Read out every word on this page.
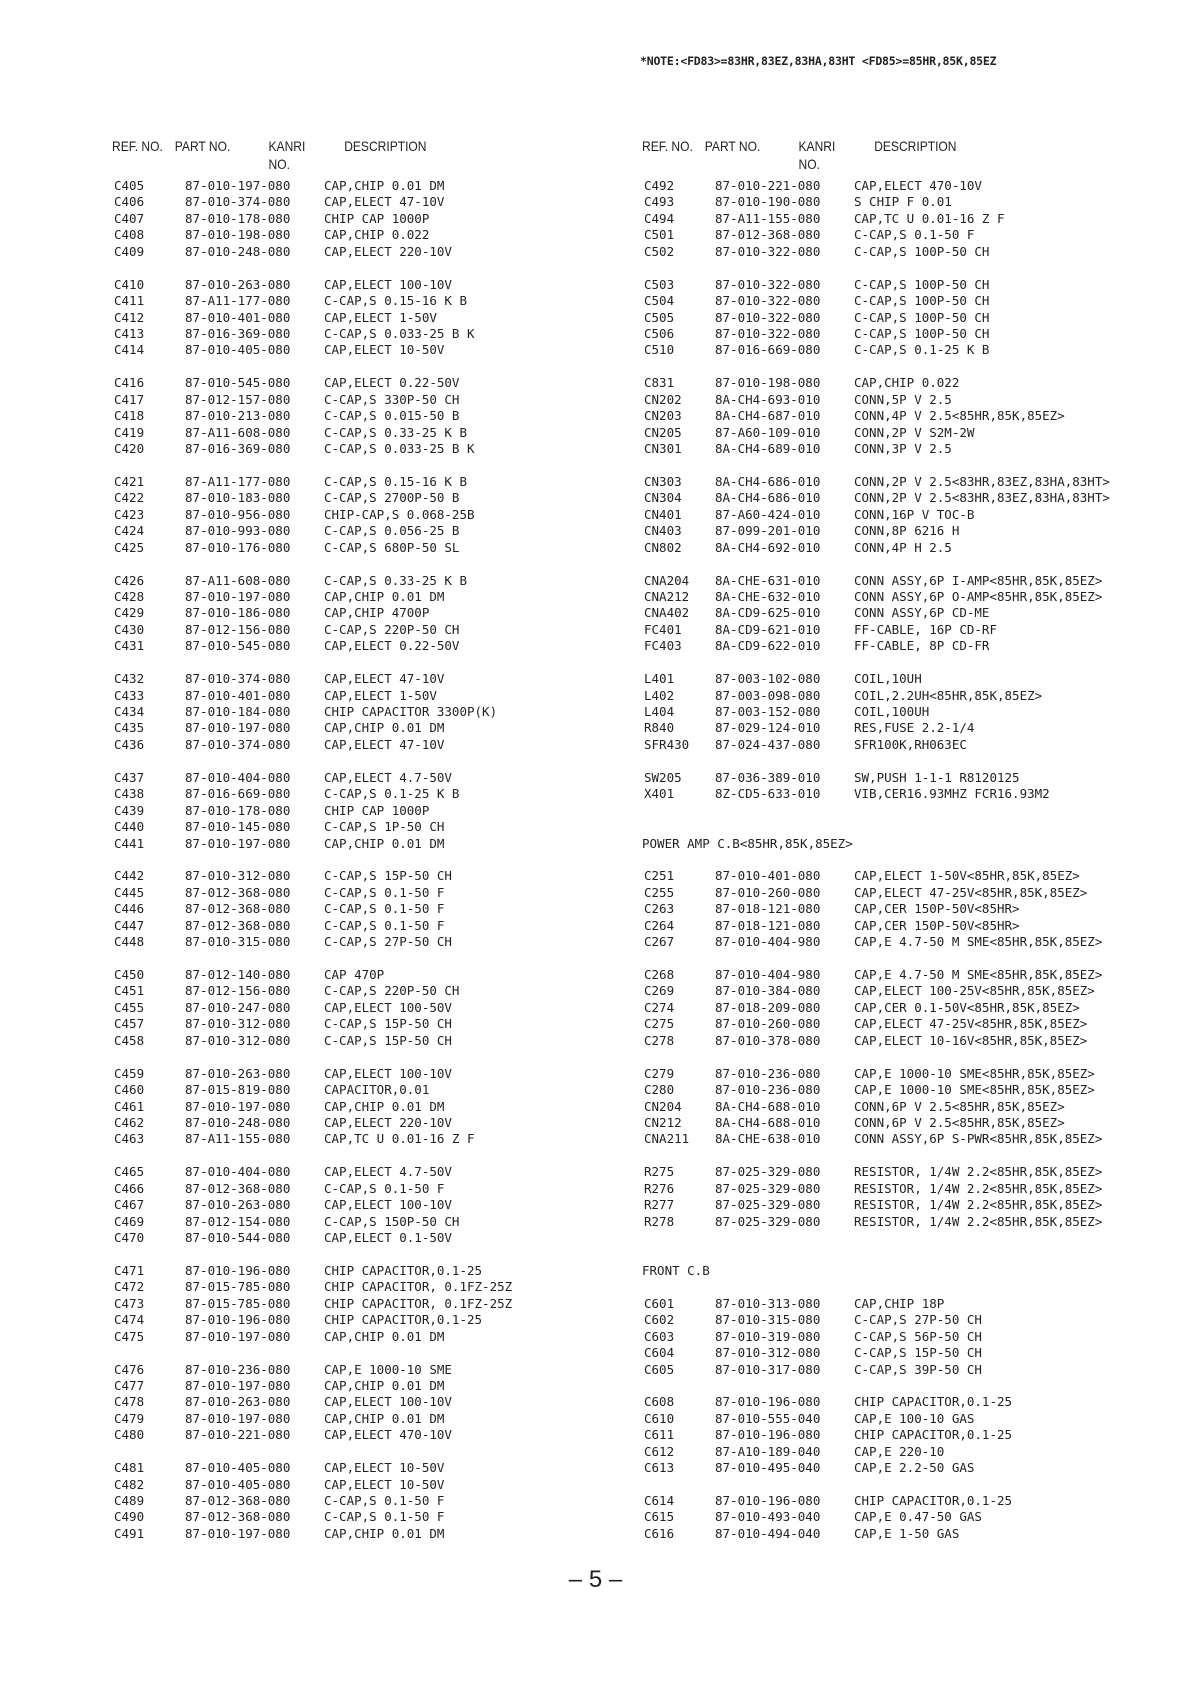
*NOTE:<FD83>=83HR,83EZ,83HA,83HT <FD85>=85HR,85K,85EZ
REF. NO. PART NO.	KANRI
NO.
DESCRIPTION
C405	87-010-197-080	CAP,CHIP 0.01 DM
C406	87-010-374-080	CAP,ELECT 47-10V
C407	87-010-178-080	CHIP CAP 1000P
C408	87-010-198-080	CAP,CHIP 0.022
C409	87-010-248-080	CAP,ELECT 220-10V
C410	87-010-263-080	CAP,ELECT 100-10V
C411	87-A11-177-080	C-CAP,S 0.15-16 K B
C412	87-010-401-080	CAP,ELECT 1-50V
C413	87-016-369-080	C-CAP,S 0.033-25 B K
C414	87-010-405-080	CAP,ELECT 10-50V
C416	87-010-545-080	CAP,ELECT 0.22-50V
C417	87-012-157-080	C-CAP,S 330P-50 CH
C418	87-010-213-080	C-CAP,S 0.015-50 B
C419	87-A11-608-080	C-CAP,S 0.33-25 K B
C420	87-016-369-080	C-CAP,S 0.033-25 B K
C421	87-A11-177-080	C-CAP,S 0.15-16 K B
C422	87-010-183-080	C-CAP,S 2700P-50 B
C423	87-010-956-080	CHIP-CAP,S 0.068-25B
C424	87-010-993-080	C-CAP,S 0.056-25 B
C425	87-010-176-080	C-CAP,S 680P-50 SL
C426	87-A11-608-080	C-CAP,S 0.33-25 K B
C428	87-010-197-080	CAP,CHIP 0.01 DM
C429	87-010-186-080	CAP,CHIP 4700P
C430	87-012-156-080	C-CAP,S 220P-50 CH
C431	87-010-545-080	CAP,ELECT 0.22-50V
C432	87-010-374-080	CAP,ELECT 47-10V
C433	87-010-401-080	CAP,ELECT 1-50V
C434	87-010-184-080	CHIP CAPACITOR 3300P(K)
C435	87-010-197-080	CAP,CHIP 0.01 DM
C436	87-010-374-080	CAP,ELECT 47-10V
C437	87-010-404-080	CAP,ELECT 4.7-50V
C438	87-016-669-080	C-CAP,S 0.1-25 K B
C439	87-010-178-080	CHIP CAP 1000P
C440	87-010-145-080	C-CAP,S 1P-50 CH
C441	87-010-197-080	CAP,CHIP 0.01 DM
C442	87-010-312-080	C-CAP,S 15P-50 CH
C445	87-012-368-080	C-CAP,S 0.1-50 F
C446	87-012-368-080	C-CAP,S 0.1-50 F
C447	87-012-368-080	C-CAP,S 0.1-50 F
C448	87-010-315-080	C-CAP,S 27P-50 CH
C450	87-012-140-080	CAP 470P
C451	87-012-156-080	C-CAP,S 220P-50 CH
C455	87-010-247-080	CAP,ELECT 100-50V
C457	87-010-312-080	C-CAP,S 15P-50 CH
C458	87-010-312-080	C-CAP,S 15P-50 CH
C459	87-010-263-080	CAP,ELECT 100-10V
C460	87-015-819-080	CAPACITOR,0.01
C461	87-010-197-080	CAP,CHIP 0.01 DM
C462	87-010-248-080	CAP,ELECT 220-10V
C463	87-A11-155-080	CAP,TC U 0.01-16 Z F
C465	87-010-404-080	CAP,ELECT 4.7-50V
C466	87-012-368-080	C-CAP,S 0.1-50 F
C467	87-010-263-080	CAP,ELECT 100-10V
C469	87-012-154-080	C-CAP,S 150P-50 CH
C470	87-010-544-080	CAP,ELECT 0.1-50V
C471	87-010-196-080	CHIP CAPACITOR,0.1-25
C472	87-015-785-080	CHIP CAPACITOR, 0.1FZ-25Z
C473	87-015-785-080	CHIP CAPACITOR, 0.1FZ-25Z
C474	87-010-196-080	CHIP CAPACITOR,0.1-25
C475	87-010-197-080	CAP,CHIP 0.01 DM
C476	87-010-236-080	CAP,E 1000-10 SME
C477	87-010-197-080	CAP,CHIP 0.01 DM
C478	87-010-263-080	CAP,ELECT 100-10V
C479	87-010-197-080	CAP,CHIP 0.01 DM
C480	87-010-221-080	CAP,ELECT 470-10V
C481	87-010-405-080	CAP,ELECT 10-50V
C482	87-010-405-080	CAP,ELECT 10-50V
C489	87-012-368-080	C-CAP,S 0.1-50 F
C490	87-012-368-080	C-CAP,S 0.1-50 F
C491	87-010-197-080	CAP,CHIP 0.01 DM
REF. NO. PART NO.	KANRI
NO.
DESCRIPTION
C492	87-010-221-080	CAP,ELECT 470-10V
C493	87-010-190-080	S CHIP F 0.01
C494	87-A11-155-080	CAP,TC U 0.01-16 Z F
C501	87-012-368-080	C-CAP,S 0.1-50 F
C502	87-010-322-080	C-CAP,S 100P-50 CH
C503	87-010-322-080	C-CAP,S 100P-50 CH
C504	87-010-322-080	C-CAP,S 100P-50 CH
C505	87-010-322-080	C-CAP,S 100P-50 CH
C506	87-010-322-080	C-CAP,S 100P-50 CH
C510	87-016-669-080	C-CAP,S 0.1-25 K B
C831	87-010-198-080	CAP,CHIP 0.022
CN202	8A-CH4-693-010	CONN,5P V 2.5
CN203	8A-CH4-687-010	CONN,4P V 2.5<85HR,85K,85EZ>
CN205	87-A60-109-010	CONN,2P V S2M-2W
CN301	8A-CH4-689-010	CONN,3P V 2.5
CN303	8A-CH4-686-010	CONN,2P V 2.5<83HR,83EZ,83HA,83HT>
CN304	8A-CH4-686-010	CONN,2P V 2.5<83HR,83EZ,83HA,83HT>
CN401	87-A60-424-010	CONN,16P V TOC-B
CN403	87-099-201-010	CONN,8P 6216 H
CN802	8A-CH4-692-010	CONN,4P H 2.5
CNA204 8A-CHE-631-010	CONN ASSY,6P I-AMP<85HR,85K,85EZ>
CNA212 8A-CHE-632-010	CONN ASSY,6P O-AMP<85HR,85K,85EZ>
CNA402 8A-CD9-625-010	CONN ASSY,6P CD-ME
FC401	8A-CD9-621-010	FF-CABLE, 16P CD-RF
FC403	8A-CD9-622-010	FF-CABLE, 8P CD-FR
L401	87-003-102-080	COIL,10UH
L402	87-003-098-080	COIL,2.2UH<85HR,85K,85EZ>
L404	87-003-152-080	COIL,100UH
R840	87-029-124-010	RES,FUSE 2.2-1/4
SFR430 87-024-437-080	SFR100K,RH063EC
SW205	87-036-389-010	SW,PUSH 1-1-1 R8120125
X401	8Z-CD5-633-010	VIB,CER16.93MHZ FCR16.93M2
POWER AMP C.B<85HR,85K,85EZ>
C251	87-010-401-080	CAP,ELECT 1-50V<85HR,85K,85EZ>
C255	87-010-260-080	CAP,ELECT 47-25V<85HR,85K,85EZ>
C263	87-018-121-080	CAP,CER 150P-50V<85HR>
C264	87-018-121-080	CAP,CER 150P-50V<85HR>
C267	87-010-404-980	CAP,E 4.7-50 M SME<85HR,85K,85EZ>
C268	87-010-404-980	CAP,E 4.7-50 M SME<85HR,85K,85EZ>
C269	87-010-384-080	CAP,ELECT 100-25V<85HR,85K,85EZ>
C274	87-018-209-080	CAP,CER 0.1-50V<85HR,85K,85EZ>
C275	87-010-260-080	CAP,ELECT 47-25V<85HR,85K,85EZ>
C278	87-010-378-080	CAP,ELECT 10-16V<85HR,85K,85EZ>
C279	87-010-236-080	CAP,E 1000-10 SME<85HR,85K,85EZ>
C280	87-010-236-080	CAP,E 1000-10 SME<85HR,85K,85EZ>
CN204	8A-CH4-688-010	CONN,6P V 2.5<85HR,85K,85EZ>
CN212	8A-CH4-688-010	CONN,6P V 2.5<85HR,85K,85EZ>
CNA211 8A-CHE-638-010	CONN ASSY,6P S-PWR<85HR,85K,85EZ>
R275	87-025-329-080	RESISTOR, 1/4W 2.2<85HR,85K,85EZ>
R276	87-025-329-080	RESISTOR, 1/4W 2.2<85HR,85K,85EZ>
R277	87-025-329-080	RESISTOR, 1/4W 2.2<85HR,85K,85EZ>
R278	87-025-329-080	RESISTOR, 1/4W 2.2<85HR,85K,85EZ>
FRONT C.B
C601	87-010-313-080	CAP,CHIP 18P
C602	87-010-315-080	C-CAP,S 27P-50 CH
C603	87-010-319-080	C-CAP,S 56P-50 CH
C604	87-010-312-080	C-CAP,S 15P-50 CH
C605	87-010-317-080	C-CAP,S 39P-50 CH
C608	87-010-196-080	CHIP CAPACITOR,0.1-25
C610	87-010-555-040	CAP,E 100-10 GAS
C611	87-010-196-080	CHIP CAPACITOR,0.1-25
C612	87-A10-189-040	CAP,E 220-10
C613	87-010-495-040	CAP,E 2.2-50 GAS
C614	87-010-196-080	CHIP CAPACITOR,0.1-25
C615	87-010-493-040	CAP,E 0.47-50 GAS
C616	87-010-494-040	CAP,E 1-50 GAS
– 5 –
